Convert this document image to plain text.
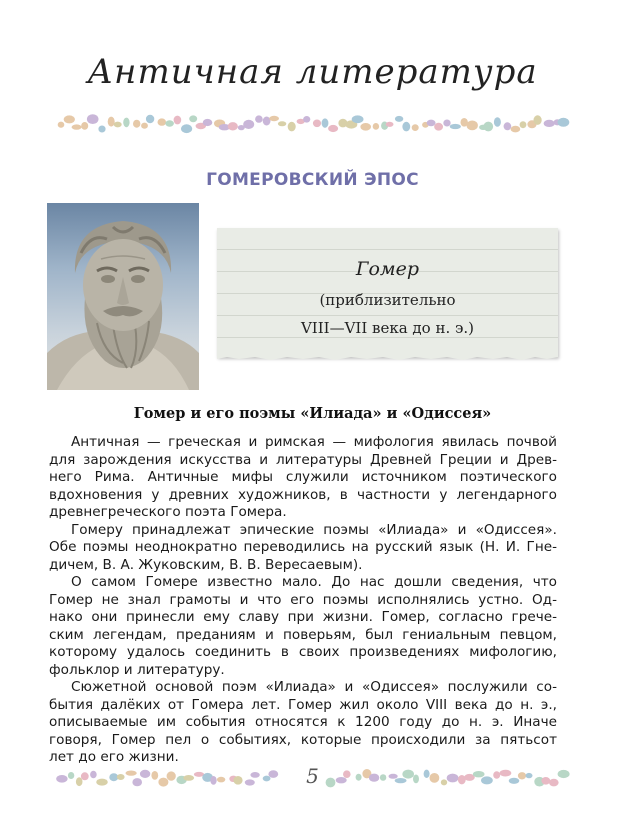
Античная литература
ГОМЕРОВСКИЙ ЭПОС
Гомер
(приблизительно
VIII—VII века до н. э.)
Гомер и его поэмы «Илиада» и «Одиссея»
Античная — греческая и римская — мифология явилась почвой
для зарождения искусства и литературы Древней Греции и Древ-
него Рима. Античные мифы служили источником поэтического
вдохновения у древних художников, в частности у легендарного
древнегреческого поэта Гомера.
Гомеру принадлежат эпические поэмы «Илиада» и «Одиссея».
Обе поэмы неоднократно переводились на русский язык (Н. И. Гне-
дичем, В. А. Жуковским, В. В. Вересаевым).
О самом Гомере известно мало. До нас дошли сведения, что
Гомер не знал грамоты и что его поэмы исполнялись устно. Од-
нако они принесли ему славу при жизни. Гомер, согласно грече-
ским легендам, преданиям и поверьям, был гениальным певцом,
которому удалось соединить в своих произведениях мифологию,
фольклор и литературу.
Сюжетной основой поэм «Илиада» и «Одиссея» послужили со-
бытия далёких от Гомера лет. Гомер жил около VIII века до н. э.,
описываемые им события относятся к 1200 году до н. э. Иначе
говоря, Гомер пел о событиях, которые происходили за пятьсот
лет до его жизни.
5
